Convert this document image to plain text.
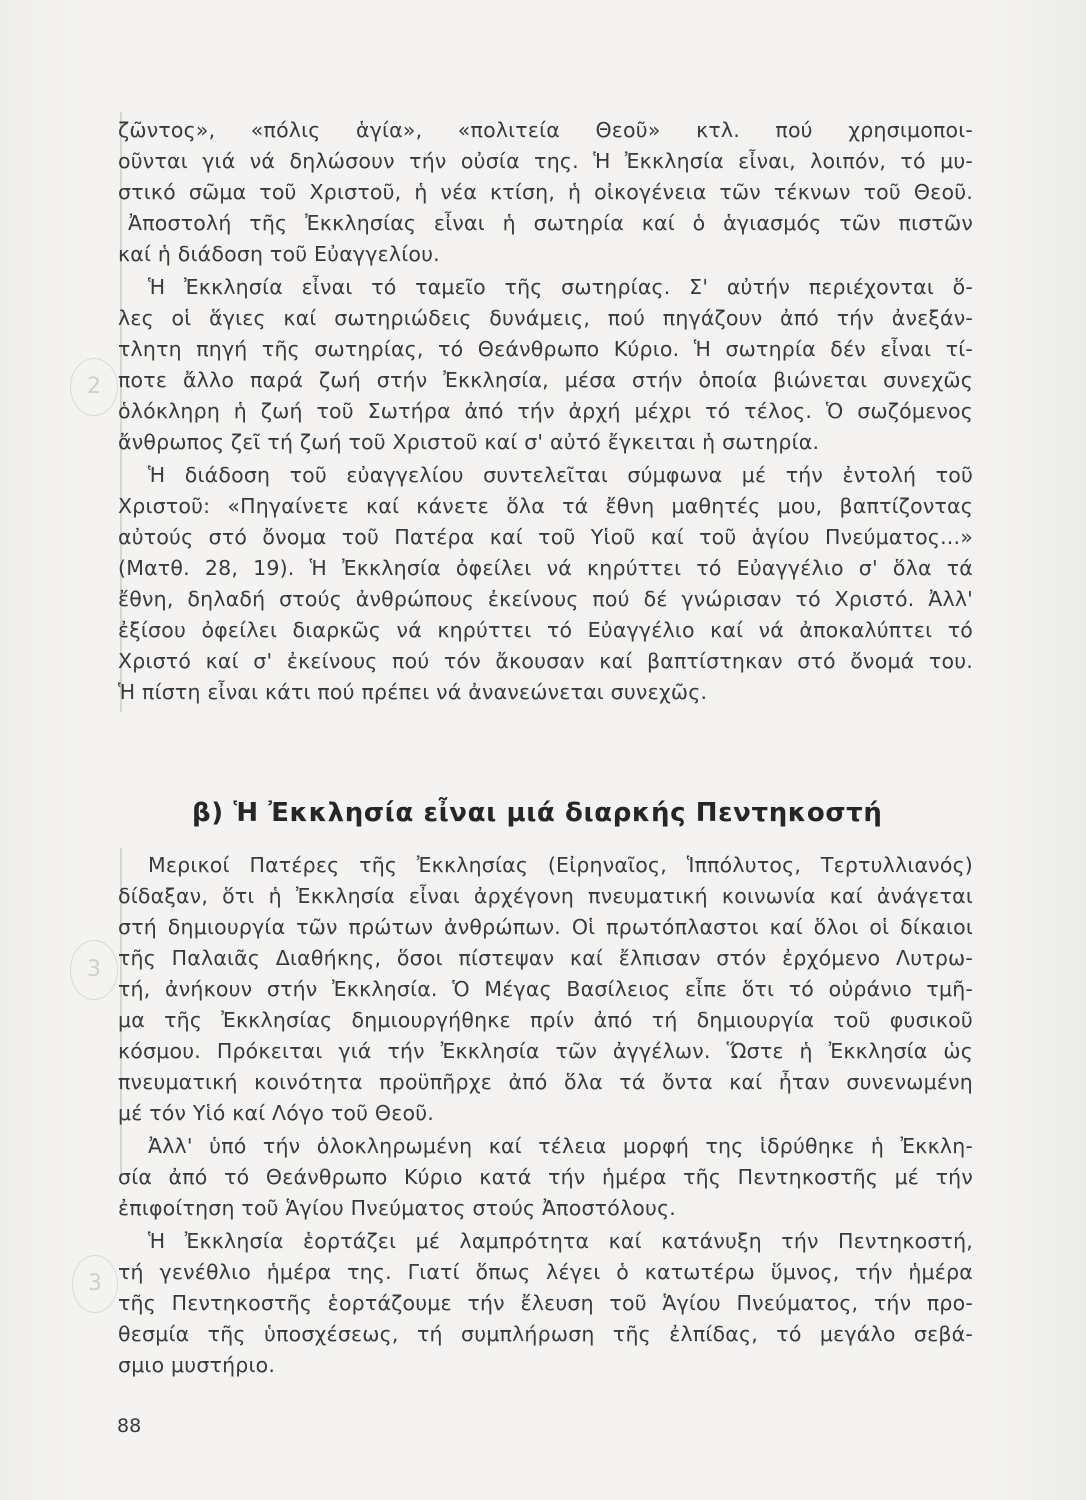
2
3
3
ζῶντος», «πόλις ἁγία», «πολιτεία Θεοῦ» κτλ. πού χρησιμοποι-
οῦνται γιά νά δηλώσουν τήν οὐσία της. Ἡ Ἐκκλησία εἶναι, λοιπόν, τό μυ-
στικό σῶμα τοῦ Χριστοῦ, ἡ νέα κτίση, ἡ οἰκογένεια τῶν τέκνων τοῦ Θεοῦ.
Ἀποστολή τῆς Ἐκκλησίας εἶναι ἡ σωτηρία καί ὁ ἁγιασμός τῶν πιστῶν
καί ἡ διάδοση τοῦ Εὐαγγελίου.
Ἡ Ἐκκλησία εἶναι τό ταμεῖο τῆς σωτηρίας. Σ' αὐτήν περιέχονται ὅ-
λες οἱ ἅγιες καί σωτηριώδεις δυνάμεις, πού πηγάζουν ἀπό τήν ἀνεξάν-
τλητη πηγή τῆς σωτηρίας, τό Θεάνθρωπο Κύριο. Ἡ σωτηρία δέν εἶναι τί-
ποτε ἄλλο παρά ζωή στήν Ἐκκλησία, μέσα στήν ὁποία βιώνεται συνεχῶς
ὁλόκληρη ἡ ζωή τοῦ Σωτήρα ἀπό τήν ἀρχή μέχρι τό τέλος. Ὁ σωζόμενος
ἄνθρωπος ζεῖ τή ζωή τοῦ Χριστοῦ καί σ' αὐτό ἔγκειται ἡ σωτηρία.
Ἡ διάδοση τοῦ εὐαγγελίου συντελεῖται σύμφωνα μέ τήν ἐντολή τοῦ
Χριστοῦ: «Πηγαίνετε καί κάνετε ὅλα τά ἔθνη μαθητές μου, βαπτίζοντας
αὐτούς στό ὄνομα τοῦ Πατέρα καί τοῦ Υἱοῦ καί τοῦ ἁγίου Πνεύματος...»
(Ματθ. 28, 19). Ἡ Ἐκκλησία ὀφείλει νά κηρύττει τό Εὐαγγέλιο σ' ὅλα τά
ἔθνη, δηλαδή στούς ἀνθρώπους ἐκείνους πού δέ γνώρισαν τό Χριστό. Ἀλλ'
ἐξίσου ὀφείλει διαρκῶς νά κηρύττει τό Εὐαγγέλιο καί νά ἀποκαλύπτει τό
Χριστό καί σ' ἐκείνους πού τόν ἄκουσαν καί βαπτίστηκαν στό ὄνομά του.
Ἡ πίστη εἶναι κάτι πού πρέπει νά ἀνανεώνεται συνεχῶς.
β) Ἡ Ἐκκλησία εἶναι μιά διαρκής Πεντηκοστή
Μερικοί Πατέρες τῆς Ἐκκλησίας (Εἰρηναῖος, Ἱππόλυτος, Τερτυλλιανός)
δίδαξαν, ὅτι ἡ Ἐκκλησία εἶναι ἀρχέγονη πνευματική κοινωνία καί ἀνάγεται
στή δημιουργία τῶν πρώτων ἀνθρώπων. Οἱ πρωτόπλαστοι καί ὅλοι οἱ δίκαιοι
τῆς Παλαιᾶς Διαθήκης, ὅσοι πίστεψαν καί ἔλπισαν στόν ἐρχόμενο Λυτρω-
τή, ἀνήκουν στήν Ἐκκλησία. Ὁ Μέγας Βασίλειος εἶπε ὅτι τό οὐράνιο τμῆ-
μα τῆς Ἐκκλησίας δημιουργήθηκε πρίν ἀπό τή δημιουργία τοῦ φυσικοῦ
κόσμου. Πρόκειται γιά τήν Ἐκκλησία τῶν ἀγγέλων. Ὥστε ἡ Ἐκκλησία ὡς
πνευματική κοινότητα προϋπῆρχε ἀπό ὅλα τά ὄντα καί ἦταν συνενωμένη
μέ τόν Υἱό καί Λόγο τοῦ Θεοῦ.
Ἀλλ' ὑπό τήν ὁλοκληρωμένη καί τέλεια μορφή της ἱδρύθηκε ἡ Ἐκκλη-
σία ἀπό τό Θεάνθρωπο Κύριο κατά τήν ἡμέρα τῆς Πεντηκοστῆς μέ τήν
ἐπιφοίτηση τοῦ Ἁγίου Πνεύματος στούς Ἀποστόλους.
Ἡ Ἐκκλησία ἑορτάζει μέ λαμπρότητα καί κατάνυξη τήν Πεντηκοστή,
τή γενέθλιο ἡμέρα της. Γιατί ὅπως λέγει ὁ κατωτέρω ὕμνος, τήν ἡμέρα
τῆς Πεντηκοστῆς ἑορτάζουμε τήν ἔλευση τοῦ Ἁγίου Πνεύματος, τήν προ-
θεσμία τῆς ὑποσχέσεως, τή συμπλήρωση τῆς ἐλπίδας, τό μεγάλο σεβά-
σμιο μυστήριο.
88
